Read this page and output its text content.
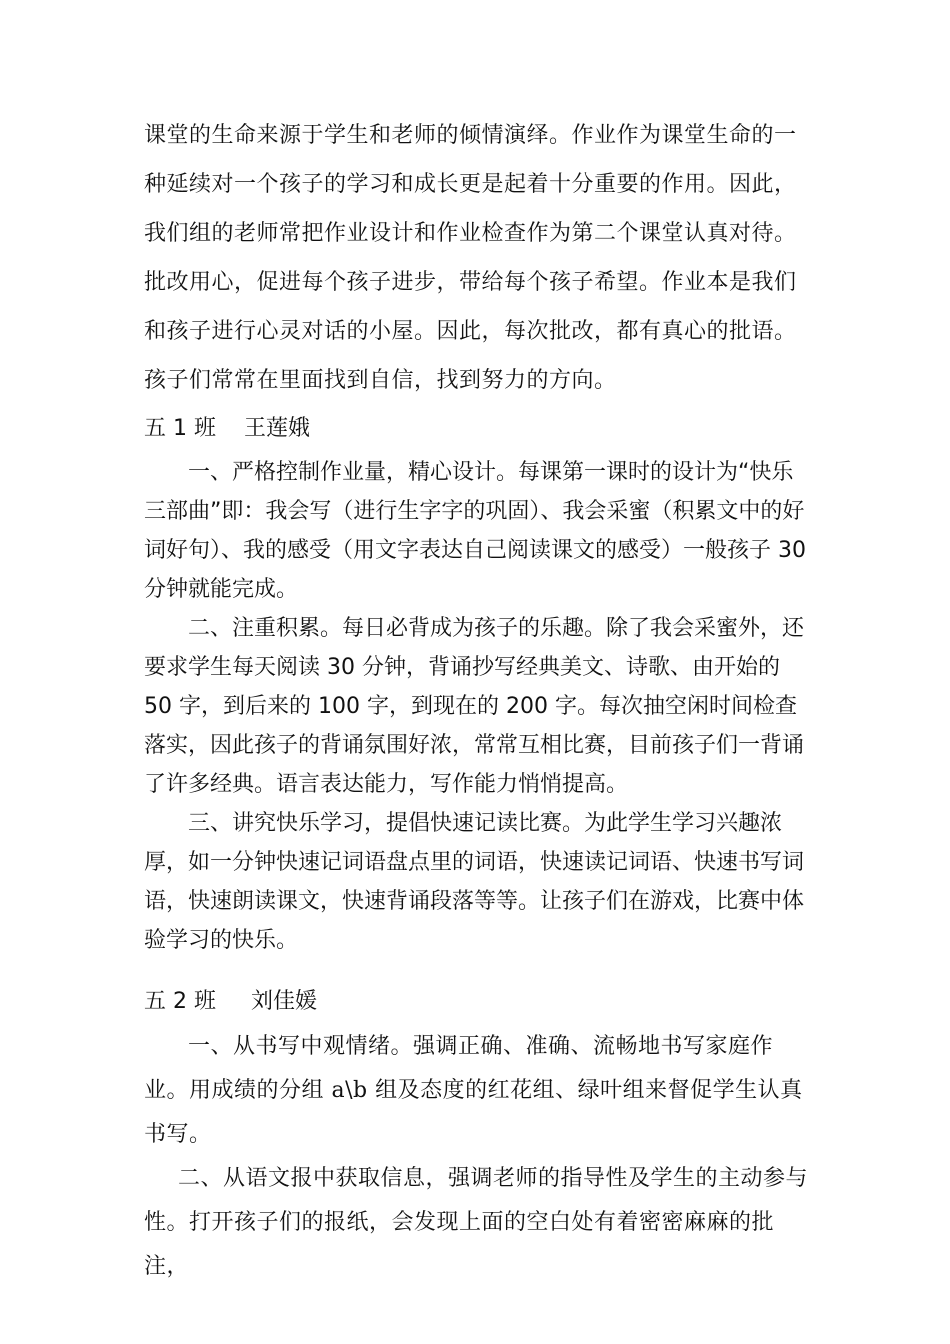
课堂的生命来源于学生和老师的倾情演绎。作业作为课堂生命的一种延续对一个孩子的学习和成长更是起着十分重要的作用。因此，我们组的老师常把作业设计和作业检查作为第二个课堂认真对待。批改用心，促进每个孩子进步，带给每个孩子希望。作业本是我们和孩子进行心灵对话的小屋。因此，每次批改，都有真心的批语。孩子们常常在里面找到自信，找到努力的方向。

五 1 班    王莲娥

一、严格控制作业量，精心设计。每课第一课时的设计为“快乐三部曲”即：我会写（进行生字字的巩固）、我会采蜜（积累文中的好词好句）、我的感受（用文字表达自己阅读课文的感受）一般孩子 30 分钟就能完成。

二、注重积累。每日必背成为孩子的乐趣。除了我会采蜜外，还要求学生每天阅读 30 分钟，背诵抄写经典美文、诗歌、由开始的 50 字，到后来的 100 字，到现在的 200 字。每次抽空闲时间检查落实，因此孩子的背诵氛围好浓，常常互相比赛，目前孩子们一背诵了许多经典。语言表达能力，写作能力悄悄提高。

三、讲究快乐学习，提倡快速记读比赛。为此学生学习兴趣浓厚，如一分钟快速记词语盘点里的词语，快速读记词语、快速书写词语，快速朗读课文，快速背诵段落等等。让孩子们在游戏，比赛中体验学习的快乐。

五 2 班     刘佳媛

一、从书写中观情绪。强调正确、准确、流畅地书写家庭作业。用成绩的分组 a\b 组及态度的红花组、绿叶组来督促学生认真书写。

二、从语文报中获取信息，强调老师的指导性及学生的主动参与性。打开孩子们的报纸，会发现上面的空白处有着密密麻麻的批注，
